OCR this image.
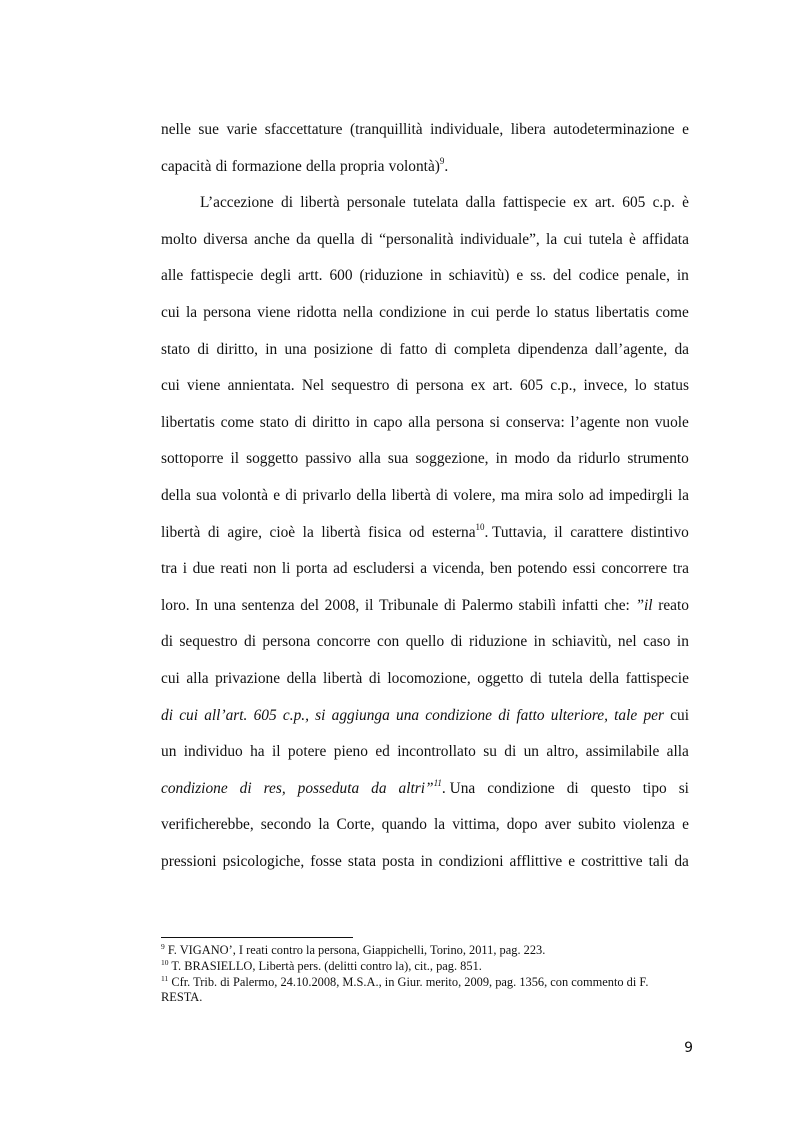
nelle sue varie sfaccettature (tranquillità individuale, libera autodeterminazione e
capacità di formazione della propria volontà)$^9$.
L’accezione di libertà personale tutelata dalla fattispecie ex art. 605 c.p. è
molto diversa anche da quella di “personalità individuale”, la cui tutela è affidata
alle fattispecie degli artt. 600 (riduzione in schiavitù) e ss. del codice penale, in
cui la persona viene ridotta nella condizione in cui perde lo status libertatis come
stato di diritto, in una posizione di fatto di completa dipendenza dall’agente, da
cui viene annientata. Nel sequestro di persona ex art. 605 c.p., invece, lo status
libertatis come stato di diritto in capo alla persona si conserva: l’agente non vuole
sottoporre il soggetto passivo alla sua soggezione, in modo da ridurlo strumento
della sua volontà e di privarlo della libertà di volere, ma mira solo ad impedirgli la
libertà di agire, cioè la libertà fisica od esterna$^{10}$. Tuttavia, il carattere distintivo
tra i due reati non li porta ad escludersi a vicenda, ben potendo essi concorrere tra
loro. In una sentenza del 2008, il Tribunale di Palermo stabilì infatti che: ”il reato
di sequestro di persona concorre con quello di riduzione in schiavitù, nel caso in
cui alla privazione della libertà di locomozione, oggetto di tutela della fattispecie
di cui all’art. 605 c.p., si aggiunga una condizione di fatto ulteriore, tale per cui
un individuo ha il potere pieno ed incontrollato su di un altro, assimilabile alla
condizione di res, posseduta da altri”$^{11}$. Una condizione di questo tipo si
verificherebbe, secondo la Corte, quando la vittima, dopo aver subito violenza e
pressioni psicologiche, fosse stata posta in condizioni afflittive e costrittive tali da
$^9$ F. VIGANO’, I reati contro la persona, Giappichelli, Torino, 2011, pag. 223.
$^{10}$ T. BRASIELLO, Libertà pers. (delitti contro la), cit., pag. 851.
$^{11}$ Cfr. Trib. di Palermo, 24.10.2008, M.S.A., in Giur. merito, 2009, pag. 1356, con commento di F. RESTA.
9
